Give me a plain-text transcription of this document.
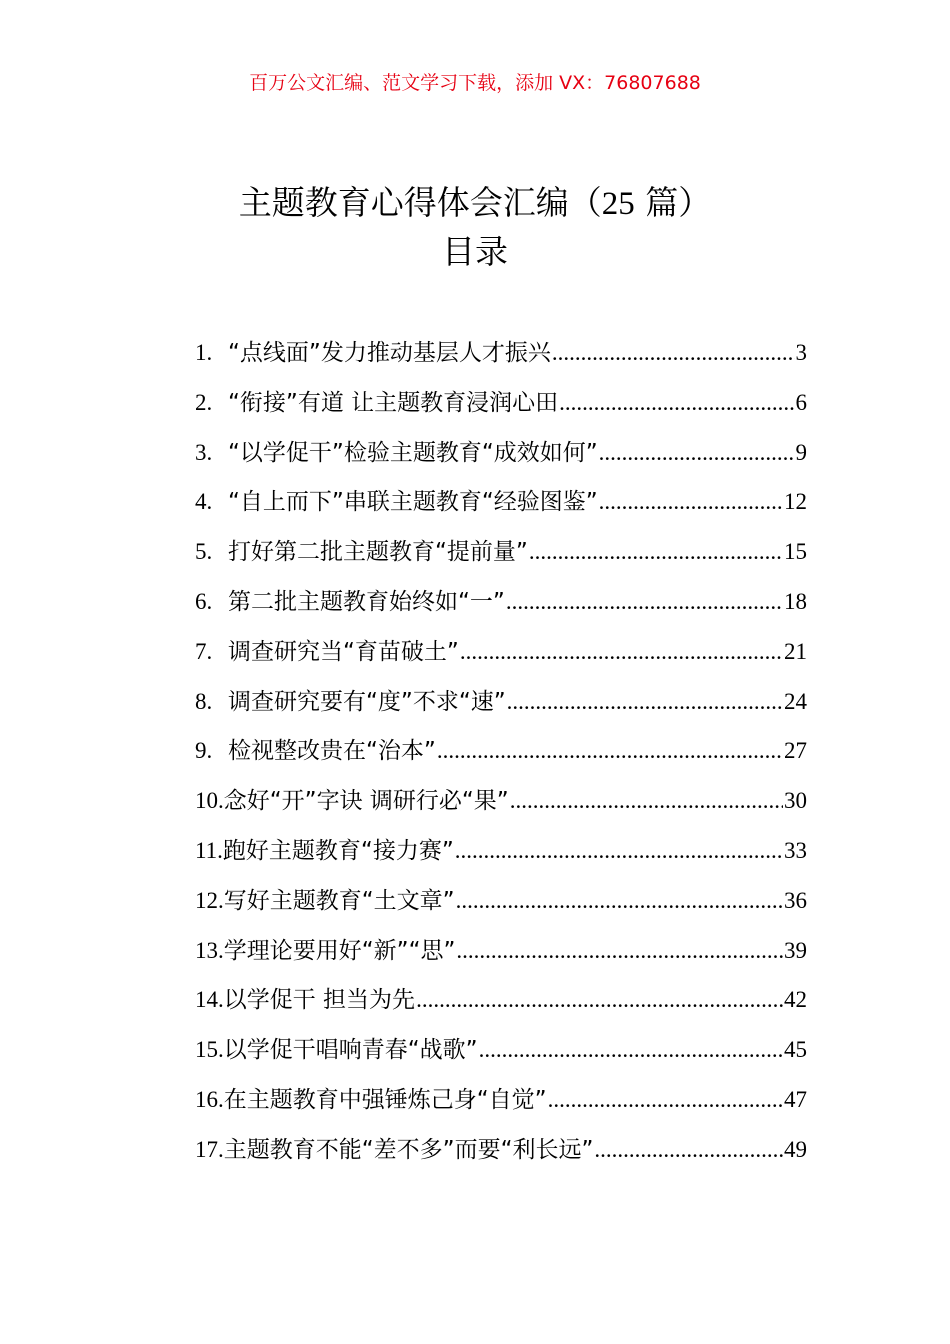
百万公文汇编、范文学习下载，添加 VX：76807688
主题教育心得体会汇编（25 篇）
目录
1. “点线面”发力推动基层人才振兴 .....	3
2. “衔接”有道 让主题教育浸润心田 .....	6
3. “以学促干”检验主题教育“成效如何” .....	9
4. “自上而下”串联主题教育“经验图鉴” .....	12
5. 打好第二批主题教育“提前量” .....	15
6. 第二批主题教育始终如“一” .....	18
7. 调查研究当“育苗破土” .....	21
8. 调查研究要有“度”不求“速” .....	24
9. 检视整改贵在“治本” .....	27
10. 念好“开”字诀 调研行必“果” .....	30
11. 跑好主题教育“接力赛” .....	33
12. 写好主题教育“土文章” .....	36
13. 学理论要用好“新”“思” .....	39
14. 以学促干 担当为先 .....	42
15. 以学促干唱响青春“战歌” .....	45
16. 在主题教育中强锤炼己身“自觉” .....	47
17. 主题教育不能“差不多”而要“利长远” .....	49
